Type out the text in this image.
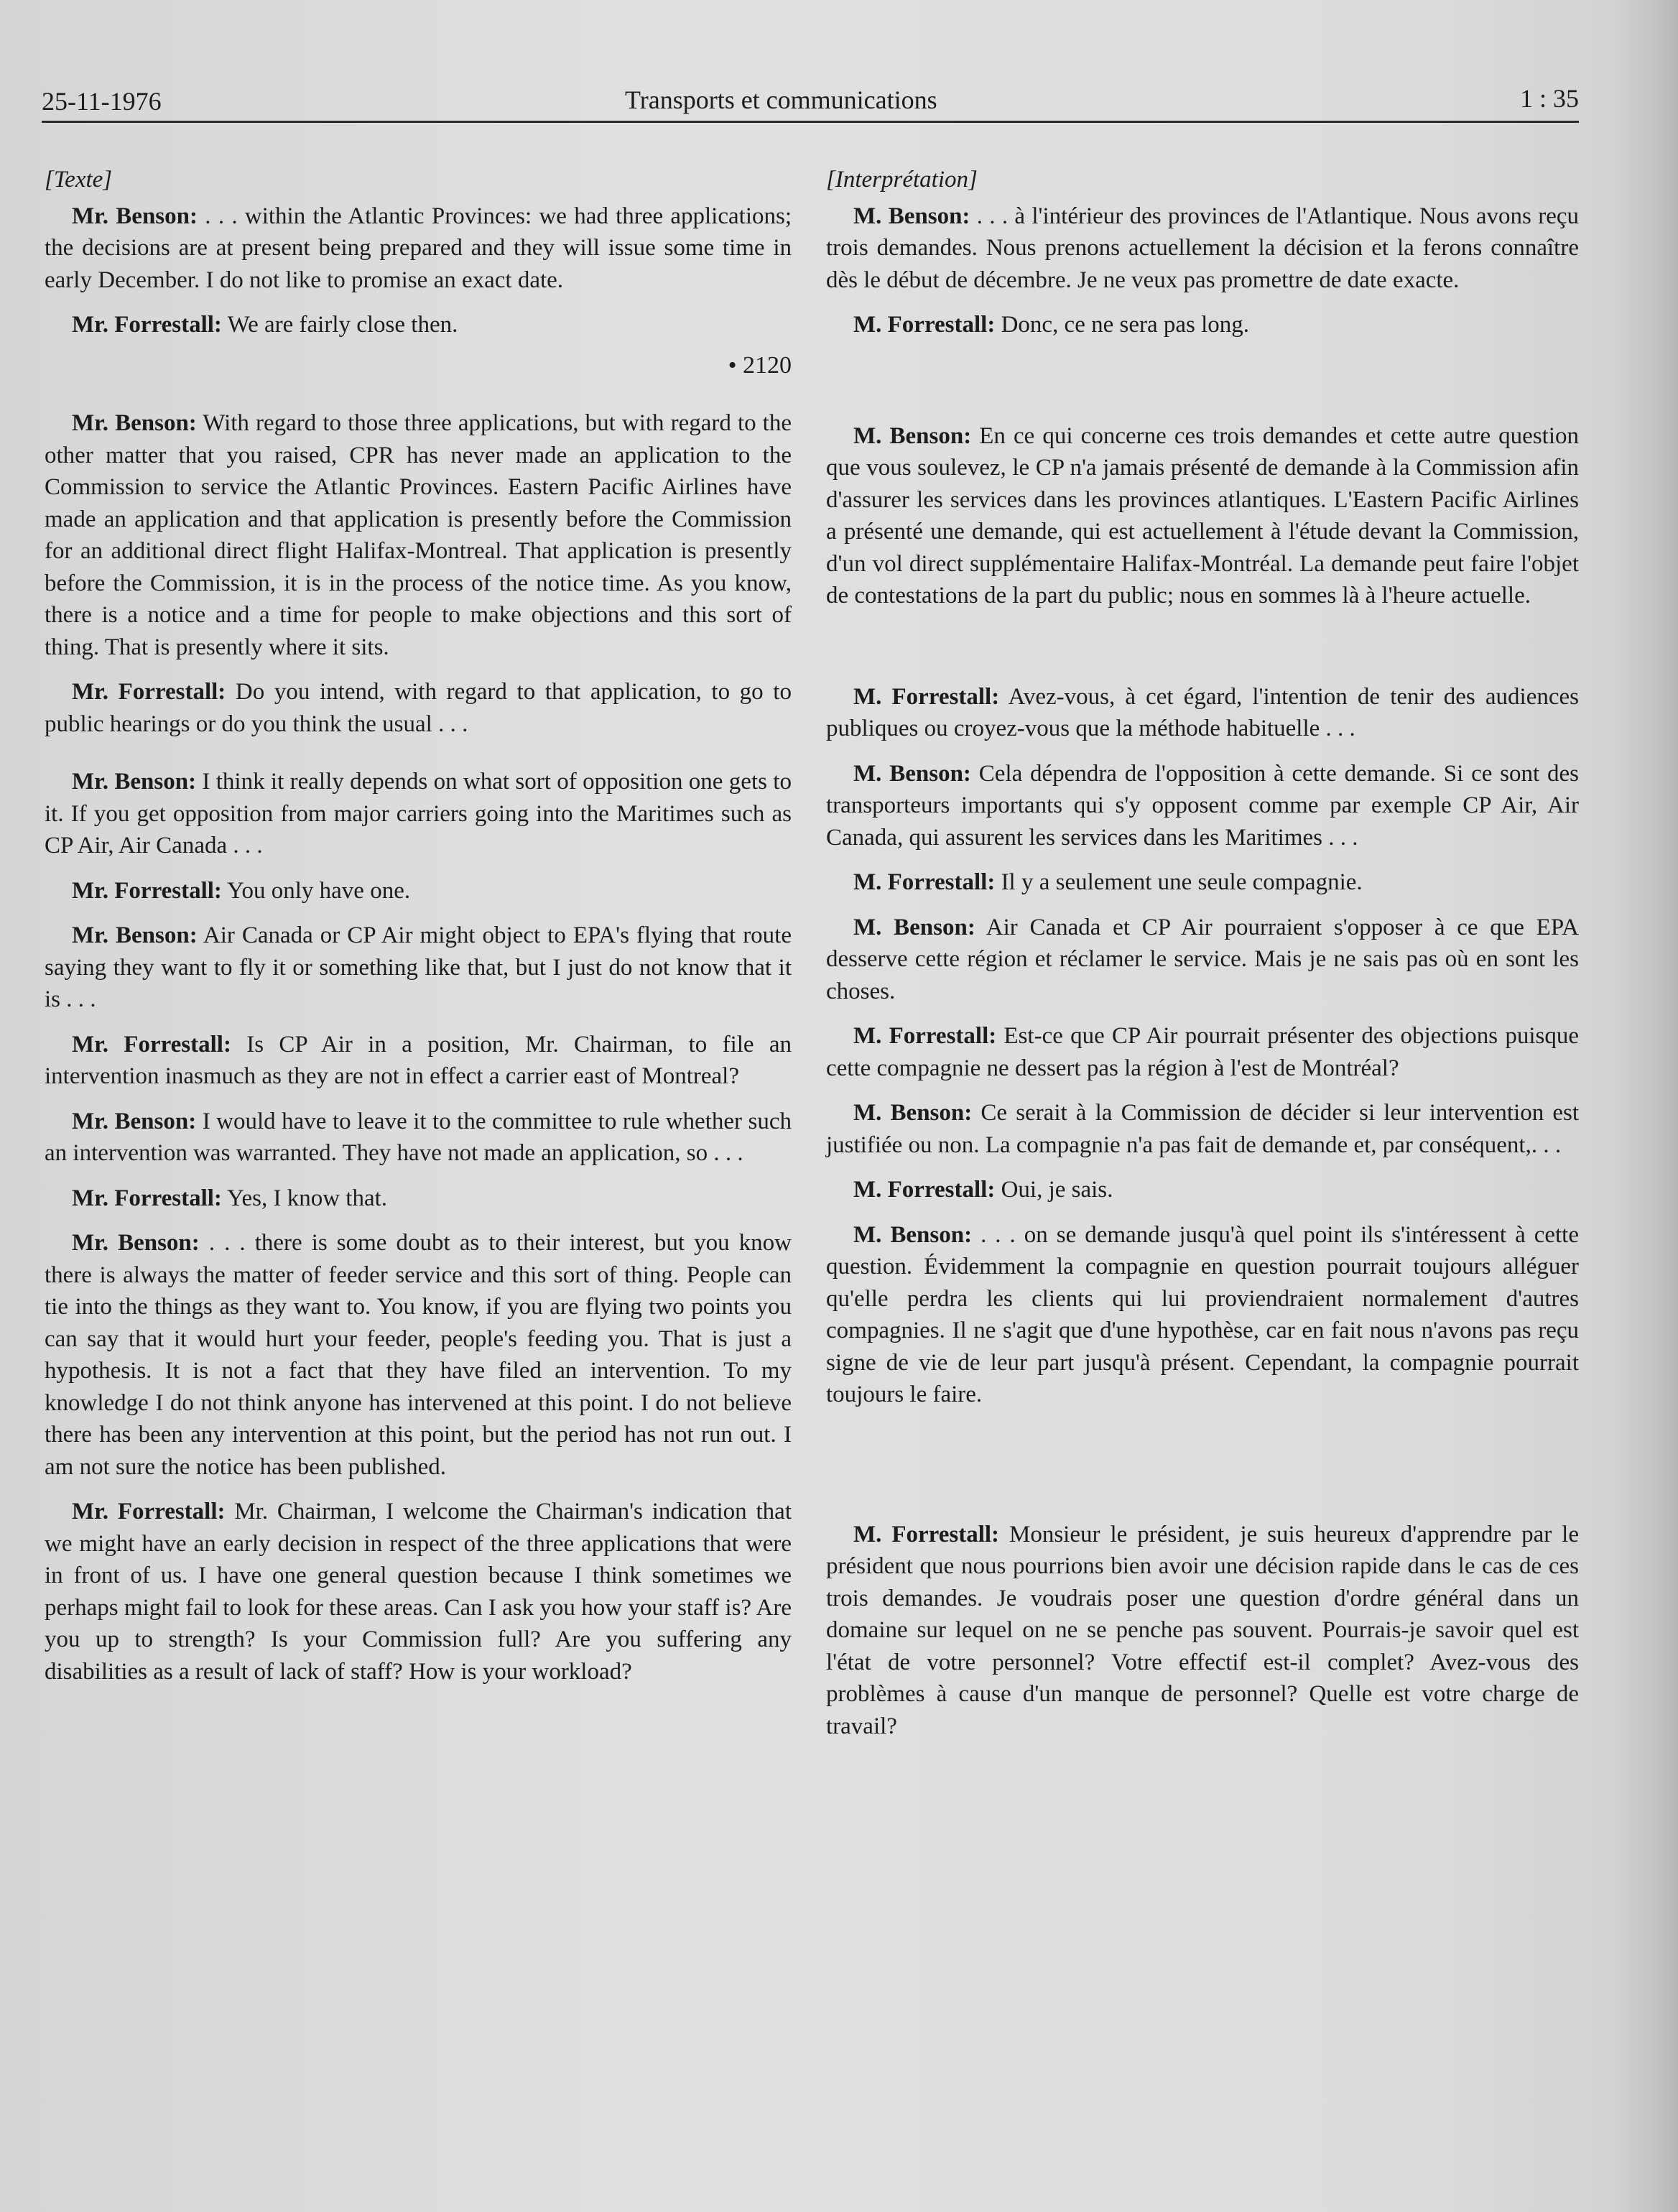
25-11-1976	Transports et communications	1 : 35

[Texte]

Mr. Benson: . . . within the Atlantic Provinces: we had three applications; the decisions are at present being prepared and they will issue some time in early December. I do not like to promise an exact date.

Mr. Forrestall: We are fairly close then.

• 2120

Mr. Benson: With regard to those three applications, but with regard to the other matter that you raised, CPR has never made an application to the Commission to service the Atlantic Provinces. Eastern Pacific Airlines have made an application and that application is presently before the Commission for an additional direct flight Halifax-Montreal. That application is presently before the Commission, it is in the process of the notice time. As you know, there is a notice and a time for people to make objections and this sort of thing. That is presently where it sits.

Mr. Forrestall: Do you intend, with regard to that application, to go to public hearings or do you think the usual . . .

Mr. Benson: I think it really depends on what sort of opposition one gets to it. If you get opposition from major carriers going into the Maritimes such as CP Air, Air Canada . . .

Mr. Forrestall: You only have one.

Mr. Benson: Air Canada or CP Air might object to EPA's flying that route saying they want to fly it or something like that, but I just do not know that it is . . .

Mr. Forrestall: Is CP Air in a position, Mr. Chairman, to file an intervention inasmuch as they are not in effect a carrier east of Montreal?

Mr. Benson: I would have to leave it to the committee to rule whether such an intervention was warranted. They have not made an application, so . . .

Mr. Forrestall: Yes, I know that.

Mr. Benson: . . . there is some doubt as to their interest, but you know there is always the matter of feeder service and this sort of thing. People can tie into the things as they want to. You know, if you are flying two points you can say that it would hurt your feeder, people's feeding you. That is just a hypothesis. It is not a fact that they have filed an intervention. To my knowledge I do not think anyone has intervened at this point. I do not believe there has been any intervention at this point, but the period has not run out. I am not sure the notice has been published.

Mr. Forrestall: Mr. Chairman, I welcome the Chairman's indication that we might have an early decision in respect of the three applications that were in front of us. I have one general question because I think sometimes we perhaps might fail to look for these areas. Can I ask you how your staff is? Are you up to strength? Is your Commission full? Are you suffering any disabilities as a result of lack of staff? How is your workload?

[Interprétation]

M. Benson: . . . à l'intérieur des provinces de l'Atlantique. Nous avons reçu trois demandes. Nous prenons actuellement la décision et la ferons connaître dès le début de décembre. Je ne veux pas promettre de date exacte.

M. Forrestall: Donc, ce ne sera pas long.

M. Benson: En ce qui concerne ces trois demandes et cette autre question que vous soulevez, le CP n'a jamais présenté de demande à la Commission afin d'assurer les services dans les provinces atlantiques. L'Eastern Pacific Airlines a présenté une demande, qui est actuellement à l'étude devant la Commission, d'un vol direct supplémentaire Halifax-Montréal. La demande peut faire l'objet de contestations de la part du public; nous en sommes là à l'heure actuelle.

M. Forrestall: Avez-vous, à cet égard, l'intention de tenir des audiences publiques ou croyez-vous que la méthode habituelle . . .

M. Benson: Cela dépendra de l'opposition à cette demande. Si ce sont des transporteurs importants qui s'y opposent comme par exemple CP Air, Air Canada, qui assurent les services dans les Maritimes . . .

M. Forrestall: Il y a seulement une seule compagnie.

M. Benson: Air Canada et CP Air pourraient s'opposer à ce que EPA desserve cette région et réclamer le service. Mais je ne sais pas où en sont les choses.

M. Forrestall: Est-ce que CP Air pourrait présenter des objections puisque cette compagnie ne dessert pas la région à l'est de Montréal?

M. Benson: Ce serait à la Commission de décider si leur intervention est justifiée ou non. La compagnie n'a pas fait de demande et, par conséquent,. . .

M. Forrestall: Oui, je sais.

M. Benson: . . . on se demande jusqu'à quel point ils s'intéressent à cette question. Évidemment la compagnie en question pourrait toujours alléguer qu'elle perdra les clients qui lui proviendraient normalement d'autres compagnies. Il ne s'agit que d'une hypothèse, car en fait nous n'avons pas reçu signe de vie de leur part jusqu'à présent. Cependant, la compagnie pourrait toujours le faire.

M. Forrestall: Monsieur le président, je suis heureux d'apprendre par le président que nous pourrions bien avoir une décision rapide dans le cas de ces trois demandes. Je voudrais poser une question d'ordre général dans un domaine sur lequel on ne se penche pas souvent. Pourrais-je savoir quel est l'état de votre personnel? Votre effectif est-il complet? Avez-vous des problèmes à cause d'un manque de personnel? Quelle est votre charge de travail?
